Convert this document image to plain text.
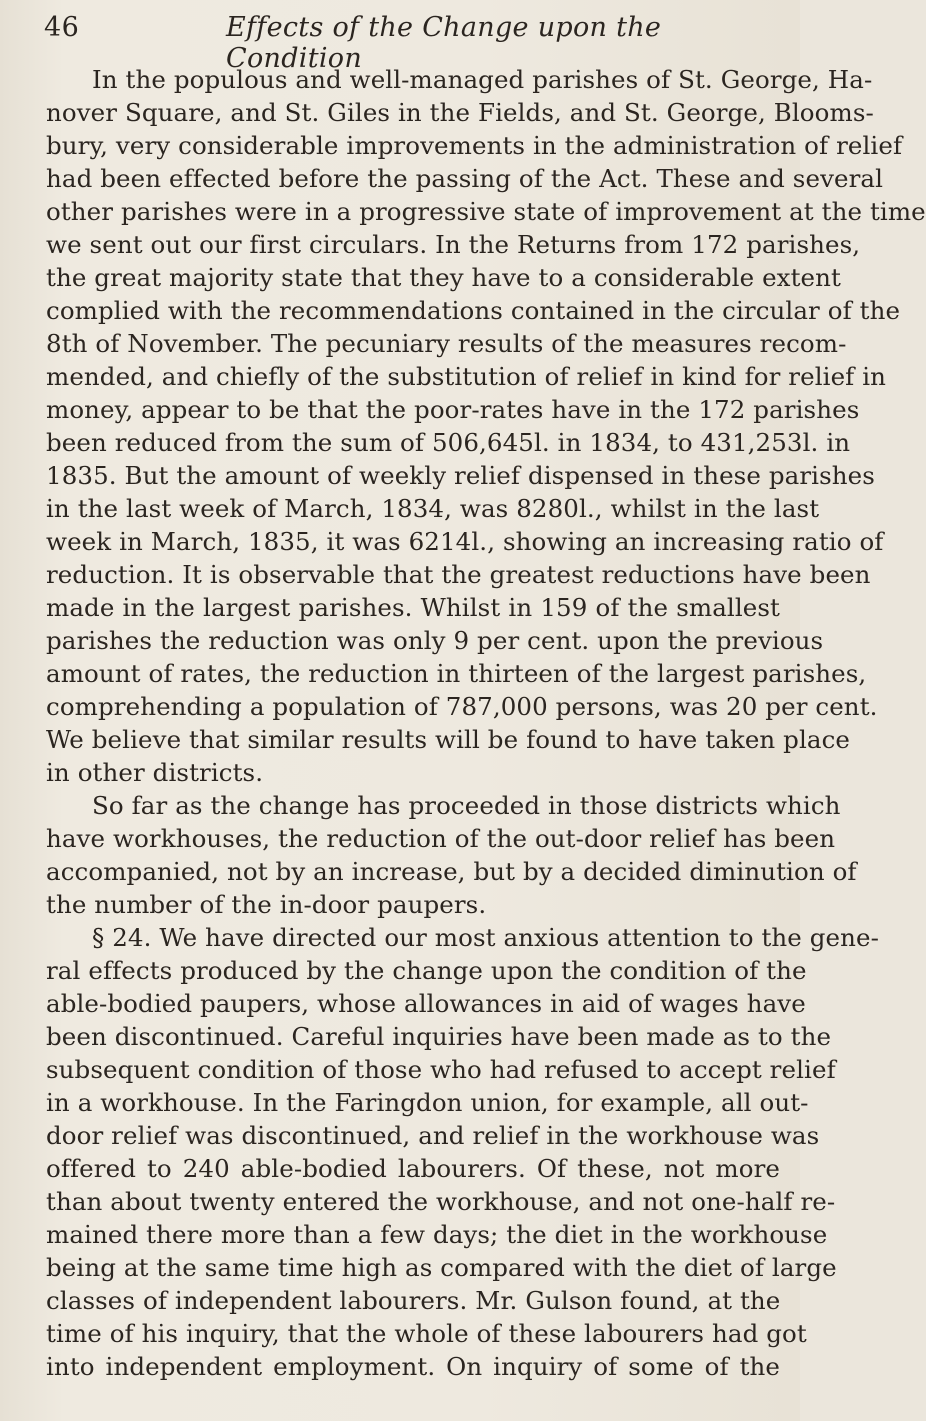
46	Effects of the Change upon the Condition
In the populous and well-managed parishes of St. George, Ha-
nover Square, and St. Giles in the Fields, and St. George, Blooms-
bury, very considerable improvements in the administration of relief
had been effected before the passing of the Act. These and several
other parishes were in a progressive state of improvement at the time
we sent out our first circulars. In the Returns from 172 parishes,
the great majority state that they have to a considerable extent
complied with the recommendations contained in the circular of the
8th of November. The pecuniary results of the measures recom-
mended, and chiefly of the substitution of relief in kind for relief in
money, appear to be that the poor-rates have in the 172 parishes
been reduced from the sum of 506,645l. in 1834, to 431,253l. in
1835. But the amount of weekly relief dispensed in these parishes
in the last week of March, 1834, was 8280l., whilst in the last
week in March, 1835, it was 6214l., showing an increasing ratio of
reduction. It is observable that the greatest reductions have been
made in the largest parishes. Whilst in 159 of the smallest
parishes the reduction was only 9 per cent. upon the previous
amount of rates, the reduction in thirteen of the largest parishes,
comprehending a population of 787,000 persons, was 20 per cent.
We believe that similar results will be found to have taken place
in other districts.
So far as the change has proceeded in those districts which
have workhouses, the reduction of the out-door relief has been
accompanied, not by an increase, but by a decided diminution of
the number of the in-door paupers.
§ 24. We have directed our most anxious attention to the gene-
ral effects produced by the change upon the condition of the
able-bodied paupers, whose allowances in aid of wages have
been discontinued. Careful inquiries have been made as to the
subsequent condition of those who had refused to accept relief
in a workhouse. In the Faringdon union, for example, all out-
door relief was discontinued, and relief in the workhouse was
offered to 240 able-bodied labourers. Of these, not more
than about twenty entered the workhouse, and not one-half re-
mained there more than a few days; the diet in the workhouse
being at the same time high as compared with the diet of large
classes of independent labourers. Mr. Gulson found, at the
time of his inquiry, that the whole of these labourers had got
into independent employment. On inquiry of some of the
